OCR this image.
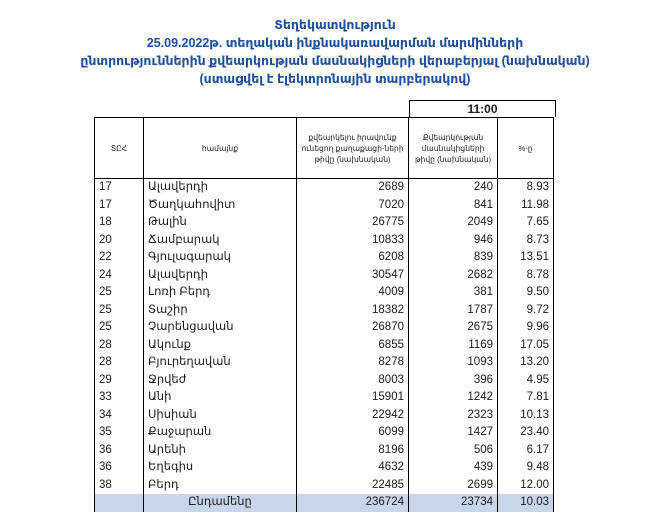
Տեղեկատվություն
25.09.2022թ. տեղական ինքնակառավարման մարմինների
ընտրություններին քվեարկության մասնակիցների վերաբերյալ (նախնական)
(ստացվել է էլեկտրոնային տարբերակով)
11:00
ՏԸՀ	համայնք	քվեարկելու իրավունք ունեցող քաղաքացի-ների թիվը (նախնական)	Քվեարկության մասնակիցների թիվը (նախնական)	%-ը
17	Ալավերդի	2689	240	8.93
17	Ծաղկահովիտ	7020	841	11.98
18	Թալին	26775	2049	7.65
20	Ճամբարակ	10833	946	8.73
22	Գյուլագարակ	6208	839	13.51
24	Ալավերդի	30547	2682	8.78
25	Լոռի Բերդ	4009	381	9.50
25	Տաշիր	18382	1787	9.72
25	Չարենցավան	26870	2675	9.96
28	Ակունք	6855	1169	17.05
28	Բյուրեղավան	8278	1093	13.20
29	Ջրվեժ	8003	396	4.95
33	Անի	15901	1242	7.81
34	Սիսիան	22942	2323	10.13
35	Քաջարան	6099	1427	23.40
36	Արենի	8196	506	6.17
36	Եղեգիս	4632	439	9.48
38	Բերդ	22485	2699	12.00
	Ընդամենը	236724	23734	10.03
